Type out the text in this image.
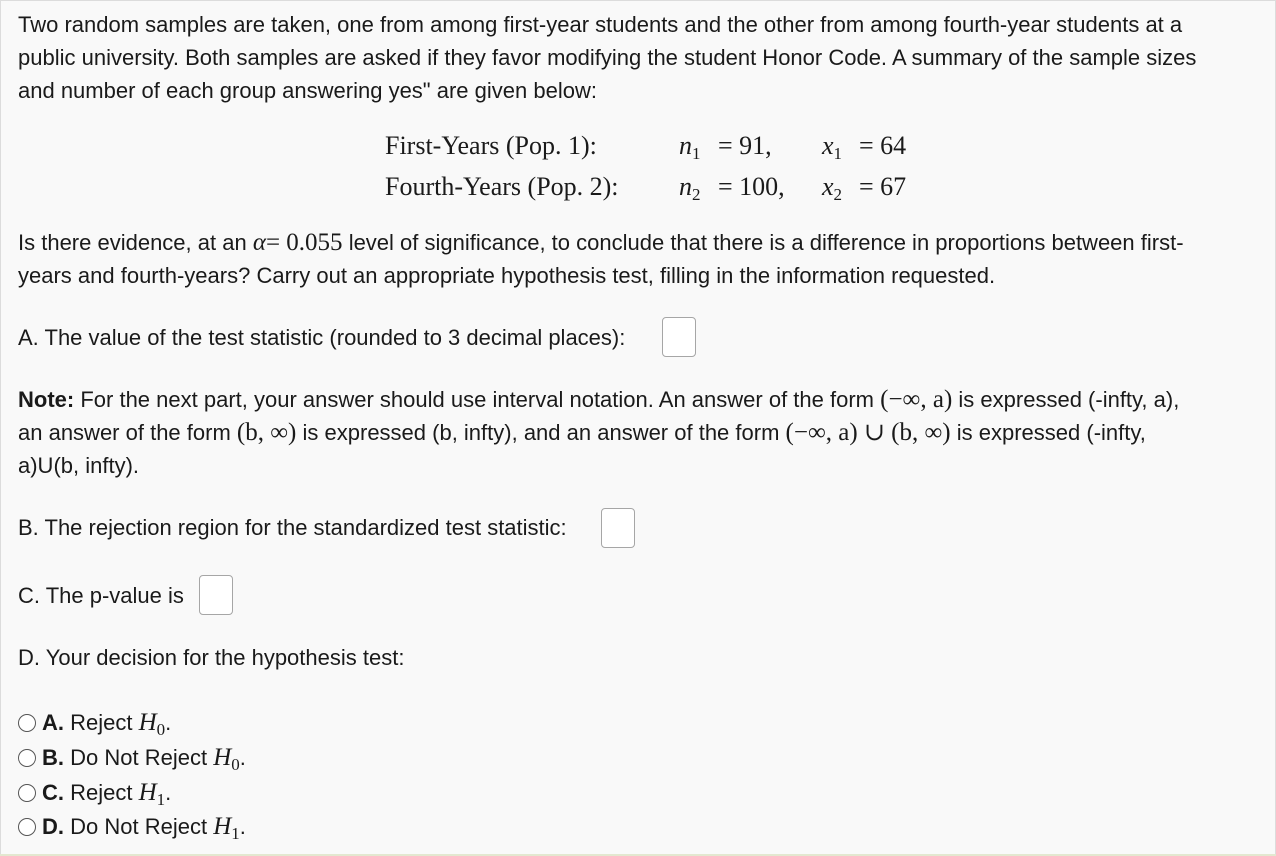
Two random samples are taken, one from among first-year students and the other from among fourth-year students at a
public university. Both samples are asked if they favor modifying the student Honor Code. A summary of the sample sizes
and number of each group answering yes" are given below:
First-Years (Pop. 1):	n1 = 91, x1 = 64
Fourth-Years (Pop. 2): n2 = 100, x2 = 67
Is there evidence, at an α= 0.055 level of significance, to conclude that there is a difference in proportions between first-
years and fourth-years? Carry out an appropriate hypothesis test, filling in the information requested.
A. The value of the test statistic (rounded to 3 decimal places):
Note: For the next part, your answer should use interval notation. An answer of the form (−∞, a) is expressed (-infty, a),
an answer of the form (b, ∞) is expressed (b, infty), and an answer of the form (−∞, a) ∪ (b, ∞) is expressed (-infty,
a)U(b, infty).
B. The rejection region for the standardized test statistic:
C. The p-value is
D. Your decision for the hypothesis test:
A. Reject $H_0$.
B. Do Not Reject $H_0$.
C. Reject $H_1$.
D. Do Not Reject $H_1$.
